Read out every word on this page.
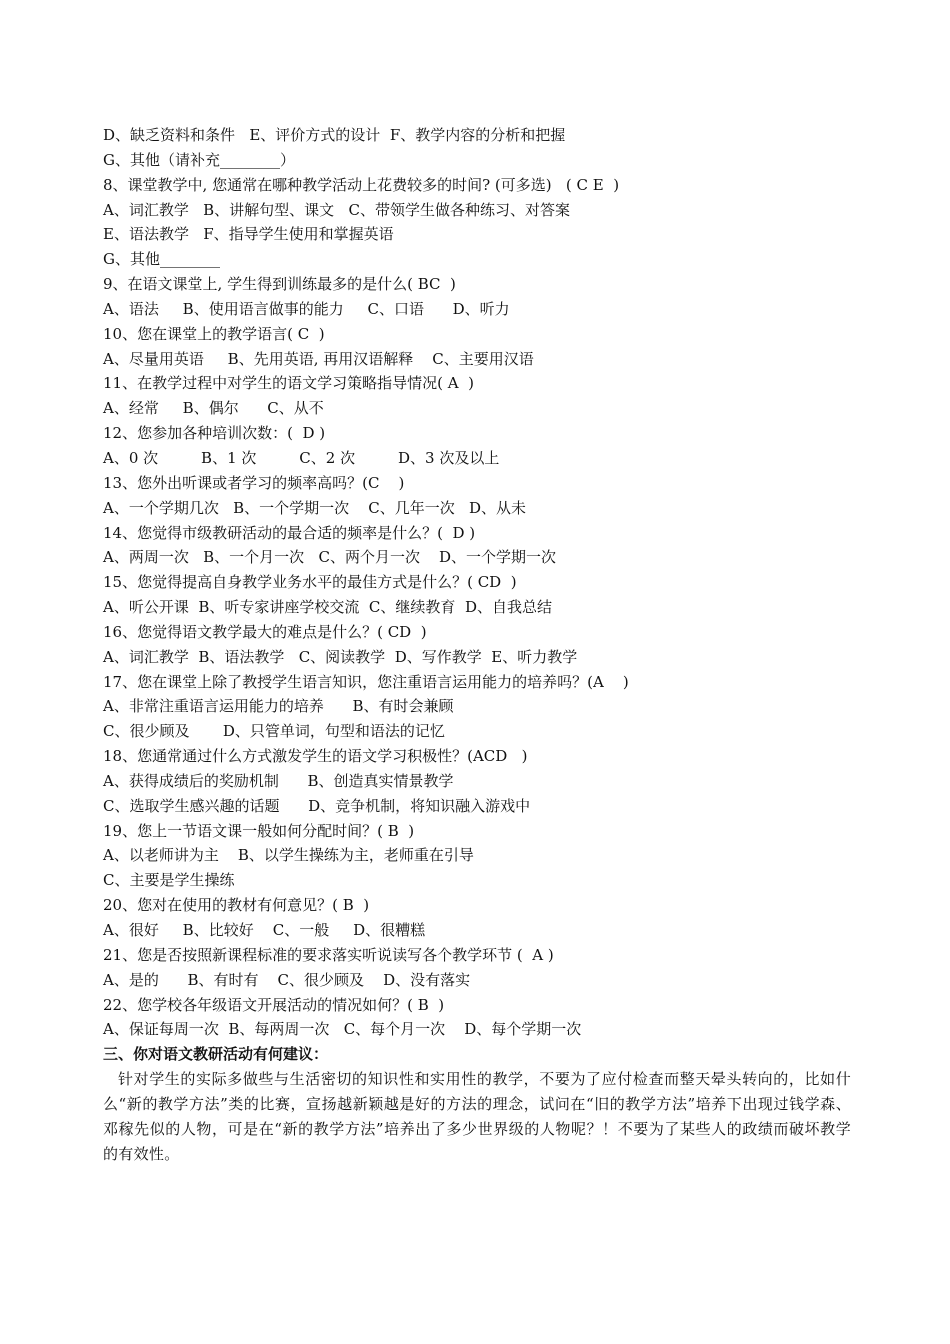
D、缺乏资料和条件   E、评价方式的设计  F、教学内容的分析和把握
G、其他（请补充________）
8、课堂教学中, 您通常在哪种教学活动上花费较多的时间? (可多选)   ( C E  )
A、词汇教学   B、讲解句型、课文   C、带领学生做各种练习、对答案
E、语法教学   F、指导学生使用和掌握英语
G、其他________
9、在语文课堂上, 学生得到训练最多的是什么( BC  )
A、语法     B、使用语言做事的能力     C、口语      D、听力
10、您在课堂上的教学语言( C  )
A、尽量用英语     B、先用英语, 再用汉语解释    C、主要用汉语
11、在教学过程中对学生的语文学习策略指导情况( A  )
A、经常     B、偶尔      C、从不
12、您参加各种培训次数：(  D )
A、0 次         B、1 次         C、2 次         D、3 次及以上
13、您外出听课或者学习的频率高吗？(C    )
A、一个学期几次   B、一个学期一次    C、几年一次   D、从未
14、您觉得市级教研活动的最合适的频率是什么？(  D )
A、两周一次   B、一个月一次   C、两个月一次    D、一个学期一次
15、您觉得提高自身教学业务水平的最佳方式是什么？( CD  )
A、听公开课  B、听专家讲座学校交流  C、继续教育  D、自我总结
16、您觉得语文教学最大的难点是什么？( CD  )
A、词汇教学  B、语法教学   C、阅读教学  D、写作教学  E、听力教学
17、您在课堂上除了教授学生语言知识，您注重语言运用能力的培养吗？(A    )
A、非常注重语言运用能力的培养      B、有时会兼顾
C、很少顾及       D、只管单词，句型和语法的记忆
18、您通常通过什么方式激发学生的语文学习积极性？(ACD   )
A、获得成绩后的奖励机制      B、创造真实情景教学
C、选取学生感兴趣的话题      D、竞争机制，将知识融入游戏中
19、您上一节语文课一般如何分配时间？( B  )
A、以老师讲为主    B、以学生操练为主，老师重在引导
C、主要是学生操练
20、您对在使用的教材有何意见？( B  )
A、很好     B、比较好    C、一般     D、很糟糕
21、您是否按照新课程标准的要求落实听说读写各个教学环节 (  A )
A、是的      B、有时有    C、很少顾及    D、没有落实
22、您学校各年级语文开展活动的情况如何？( B  )
A、保证每周一次  B、每两周一次   C、每个月一次    D、每个学期一次
三、你对语文教研活动有何建议：
针对学生的实际多做些与生活密切的知识性和实用性的教学，不要为了应付检查而整天晕头转向的，比如什么“新的教学方法”类的比赛，宣扬越新颖越是好的方法的理念，试问在“旧的教学方法”培养下出现过钱学森、邓稼先似的人物，可是在“新的教学方法”培养出了多少世界级的人物呢？！不要为了某些人的政绩而破坏教学的有效性。
